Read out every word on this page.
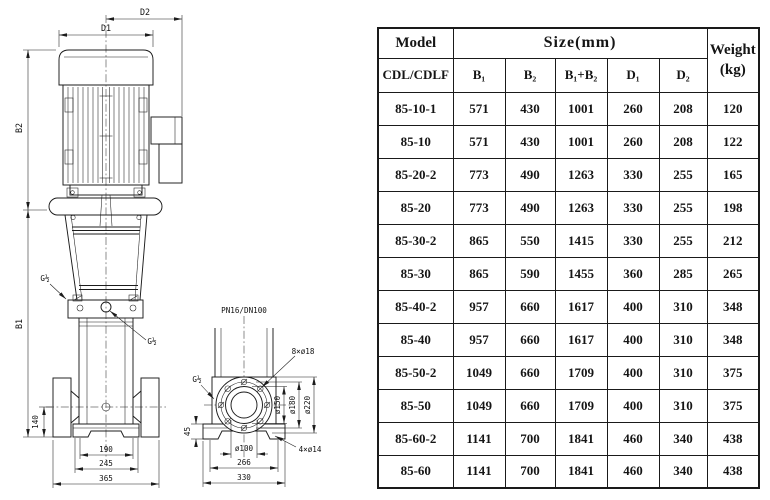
G½
G½
D2
D1
B2
B1
140
190
245
365
PN16/DN100
G½
8×ø18
4×ø14
ø150 ø180 ø220
45
ø100
266
330
Model	Size(mm)					Weight
(kg)

CDL/CDLF	B₁	B₂	B₁+B₂	D₁	D₂	
85-10-1	571	430	1001	260	208	120
85-10	571	430	1001	260	208	122
85-20-2	773	490	1263	330	255	165
85-20	773	490	1263	330	255	198
85-30-2	865	550	1415	330	255	212
85-30	865	590	1455	360	285	265
85-40-2	957	660	1617	400	310	348
85-40	957	660	1617	400	310	348
85-50-2	1049	660	1709	400	310	375
85-50	1049	660	1709	400	310	375
85-60-2	1141	700	1841	460	340	438
85-60	1141	700	1841	460	340	438
